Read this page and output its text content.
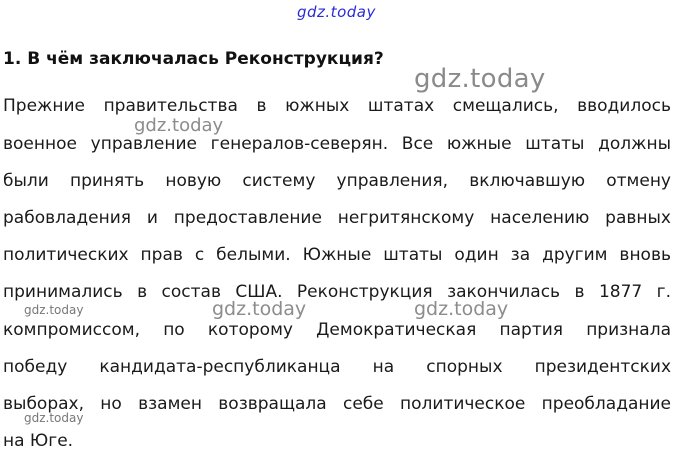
gdz.today
1. В чём заключалась Реконструкция?
gdz.today

Прежние правительства в южных штатах смещались, вводилось

военное управление генералов-северян. Все южные штаты должны

были принять новую систему управления, включавшую отмену

рабовладения и предоставление негритянскому населению равных

политических прав с белыми. Южные штаты один за другим вновь

принимались в состав США. Реконструкция закончилась в 1877 г.

компромиссом, по которому Демократическая партия признала

победу кандидата-республиканца на спорных президентских

выборах, но взамен возвращала себе политическое преобладание

на Юге.

gdz.today
gdz.today	gdz.today	gdz.today
gdz.today
